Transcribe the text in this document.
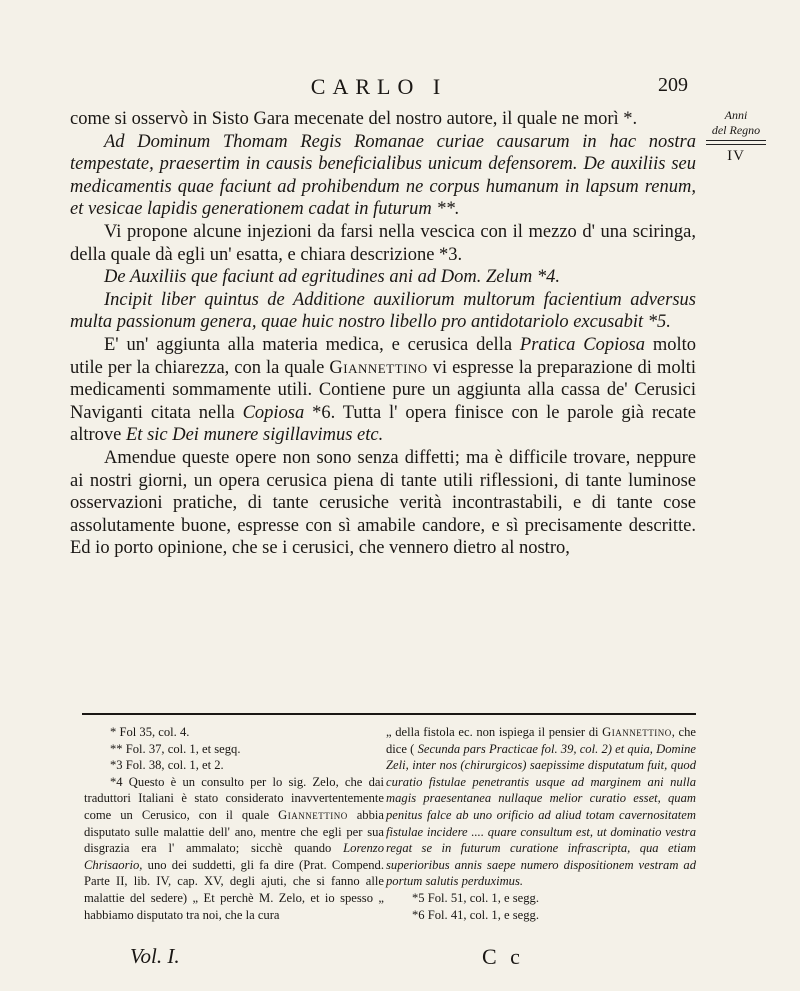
CARLO I	209
Anni
del Regno
IV

come si osservò in Sisto Gara mecenate del nostro autore, il quale ne morì *.

Ad Dominum Thomam Regis Romanae curiae causarum in hac nostra tempestate, praesertim in causis beneficialibus unicum defensorem. De auxiliis seu medicamentis quae faciunt ad prohibendum ne corpus humanum in lapsum renum, et vesicae lapidis generationem cadat in futurum **.

Vi propone alcune injezioni da farsi nella vescica con il mezzo d' una sciringa, della quale dà egli un' esatta, e chiara descrizione *3.

De Auxiliis que faciunt ad egritudines ani ad Dom. Zelum *4.

Incipit liber quintus de Additione auxiliorum multorum facientium adversus multa passionum genera, quae huic nostro libello pro antidotariolo excusabit *5.

E' un' aggiunta alla materia medica, e cerusica della Pratica Copiosa molto utile per la chiarezza, con la quale Giannettino vi espresse la preparazione di molti medicamenti sommamente utili. Contiene pure un aggiunta alla cassa de' Cerusici Naviganti citata nella Copiosa *6. Tutta l' opera finisce con le parole già recate altrove Et sic Dei munere sigillavimus etc.

Amendue queste opere non sono senza diffetti; ma è difficile trovare, neppure ai nostri giorni, un opera cerusica piena di tante utili riflessioni, di tante luminose osservazioni pratiche, di tante cerusiche verità incontrastabili, e di tante cose assolutamente buone, espresse con sì amabile candore, e sì precisamente descritte. Ed io porto opinione, che se i cerusici, che vennero dietro al nostro,

* Fol 35, col. 4.

** Fol. 37, col. 1, et segq.

*3 Fol. 38, col. 1, et 2.

*4 Questo è un consulto per lo sig. Zelo, che dai traduttori Italiani è stato considerato inavvertentemente come un Cerusico, con il quale Giannettino abbia disputato sulle malattie dell' ano, mentre che egli per sua disgrazia era l' ammalato; sicchè quando Lorenzo Chrisaorio, uno dei suddetti, gli fa dire (Prat. Compend. Parte II, lib. IV, cap. XV, degli ajuti, che si fanno alle malattie del sedere) „ Et perchè M. Zelo, et io spesso „ habbiamo disputato tra noi, che la cura

„ della fistola ec. non ispiega il pensier di Giannettino, che dice ( Secunda pars Practicae fol. 39, col. 2) et quia, Domine Zeli, inter nos (chirurgicos) saepissime disputatum fuit, quod curatio fistulae penetrantis usque ad marginem ani nulla magis praesentanea nullaque melior curatio esset, quam penitus falce ab uno orificio ad aliud totam cavernositatem fistulae incidere .... quare consultum est, ut dominatio vestra regat se in futurum curatione infrascripta, qua etiam superioribus annis saepe numero dispositionem vestram ad portum salutis perduximus.

*5 Fol. 51, col. 1, e segg.

*6 Fol. 41, col. 1, e segg.

Vol. I.	C c
